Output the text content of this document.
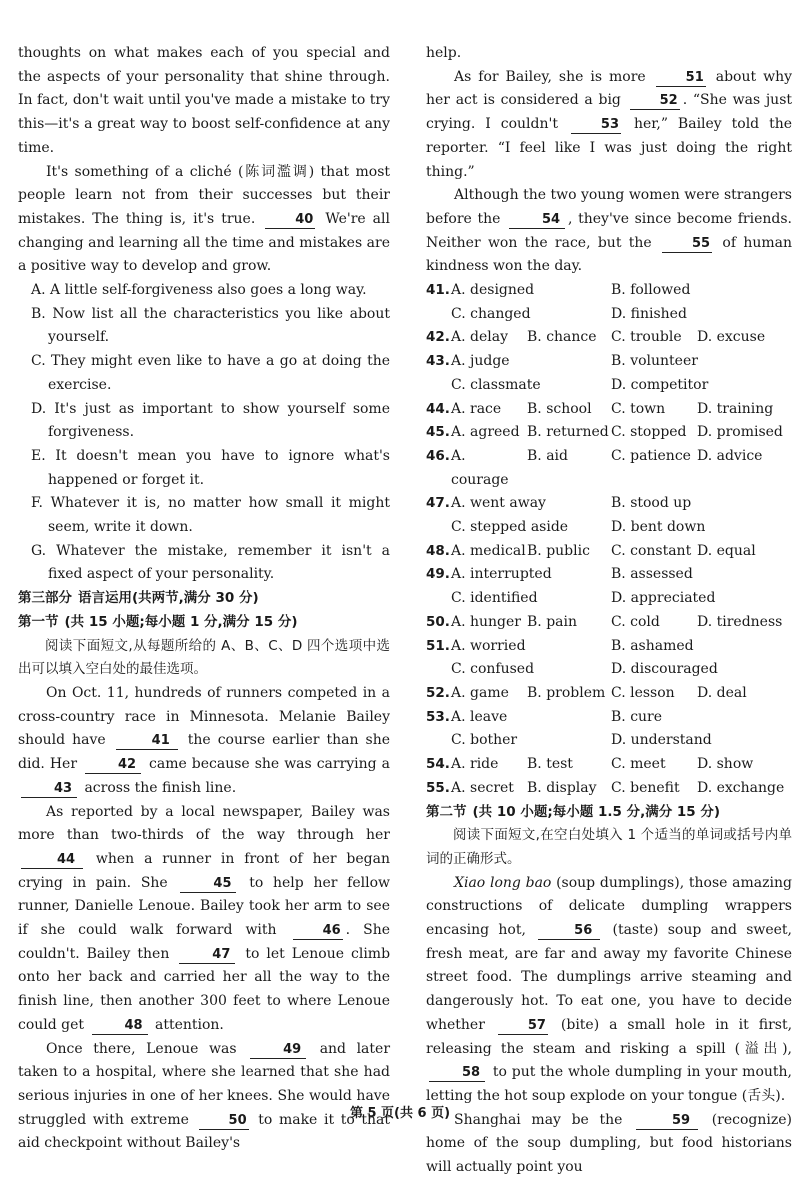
thoughts on what makes each of you special and the aspects of your personality that shine through. In fact, don't wait until you've made a mistake to try this—it's a great way to boost self-confidence at any time.

It's something of a cliché (陈词濫调) that most people learn not from their successes but their mistakes. The thing is, it's true.	40 We're all changing and learning all the time and mistakes are a positive way to develop and grow.

A. A little self-forgiveness also goes a long way.

B. Now list all the characteristics you like about yourself.

C. They might even like to have a go at doing the exercise.

D. It's just as important to show yourself some forgiveness.

E. It doesn't mean you have to ignore what's happened or forget it.

F. Whatever it is, no matter how small it might seem, write it down.

G. Whatever the mistake, remember it isn't a fixed aspect of your personality.

第三部分 语言运用(共两节,满分 30 分)

第一节 (共 15 小题;每小题 1 分,满分 15 分)

阅读下面短文,从每题所给的 A、B、C、D 四个选项中选出可以填入空白处的最佳选项。

On Oct. 11, hundreds of runners competed in a cross-country race in Minnesota. Melanie Bailey should have	41 the course earlier than she did. Her	42 came because she was carrying a 43 across the finish line.

As reported by a local newspaper, Bailey was more than two-thirds of the way through her 44 when a runner in front of her began crying in pain. She	45 to help her fellow runner, Danielle Lenoue. Bailey took her arm to see if she could walk forward with	46 . She couldn't. Bailey then	47 to let Lenoue climb onto her back and carried her all the way to the finish line, then another 300 feet to where Lenoue could get	48 attention.

Once there, Lenoue was	49 and later taken to a hospital, where she learned that she had serious injuries in one of her knees. She would have struggled with extreme	50 to make it to that aid checkpoint without Bailey's

help.

As for Bailey, she is more	51 about why her act is considered a big	52 . “She was just crying. I couldn't	53 her,” Bailey told the reporter. “I feel like I was just doing the right thing.”

Although the two young women were strangers before the	54 , they've since become friends. Neither won the race, but the	55 of human kindness won the day.

41. A. designed	B. followed
C. changed	D. finished
42. A. delay	B. chance	C. trouble	D. excuse
43. A. judge	B. volunteer
C. classmate	D. competitor
44. A. race	B. school	C. town	D. training
45. A. agreed B. returned C. stopped D. promised
46. A. courage
B. aid	C. patience D. advice
47. A. went away	B. stood up
C. stepped aside	D. bent down
48. A. medical B. public	C. constant D. equal
49. A. interrupted	B. assessed
C. identified	D. appreciated
50. A. hunger B. pain	C. cold	D. tiredness
51. A. worried	B. ashamed
C. confused	D. discouraged
52. A. game	B. problem C. lesson	D. deal
53. A. leave	B. cure
C. bother	D. understand
54. A. ride	B. test	C. meet	D. show
55. A. secret B. display	C. benefit	D. exchange

第二节 (共 10 小题;每小题 1.5 分,满分 15 分)

阅读下面短文,在空白处填入 1 个适当的单词或括号内单词的正确形式。

Xiao long bao (soup dumplings), those amazing constructions of delicate dumpling wrappers encasing hot,	56 (taste) soup and sweet, fresh meat, are far and away my favorite Chinese street food. The dumplings arrive steaming and dangerously hot. To eat one, you have to decide whether	57 (bite) a small hole in it first, releasing the steam and risking a spill (溢出), 58 to put the whole dumpling in your mouth, letting the hot soup explode on your tongue (舌头).

Shanghai may be the	59 (recognize) home of the soup dumpling, but food historians will actually point you

第 5 页(共 6 页)
